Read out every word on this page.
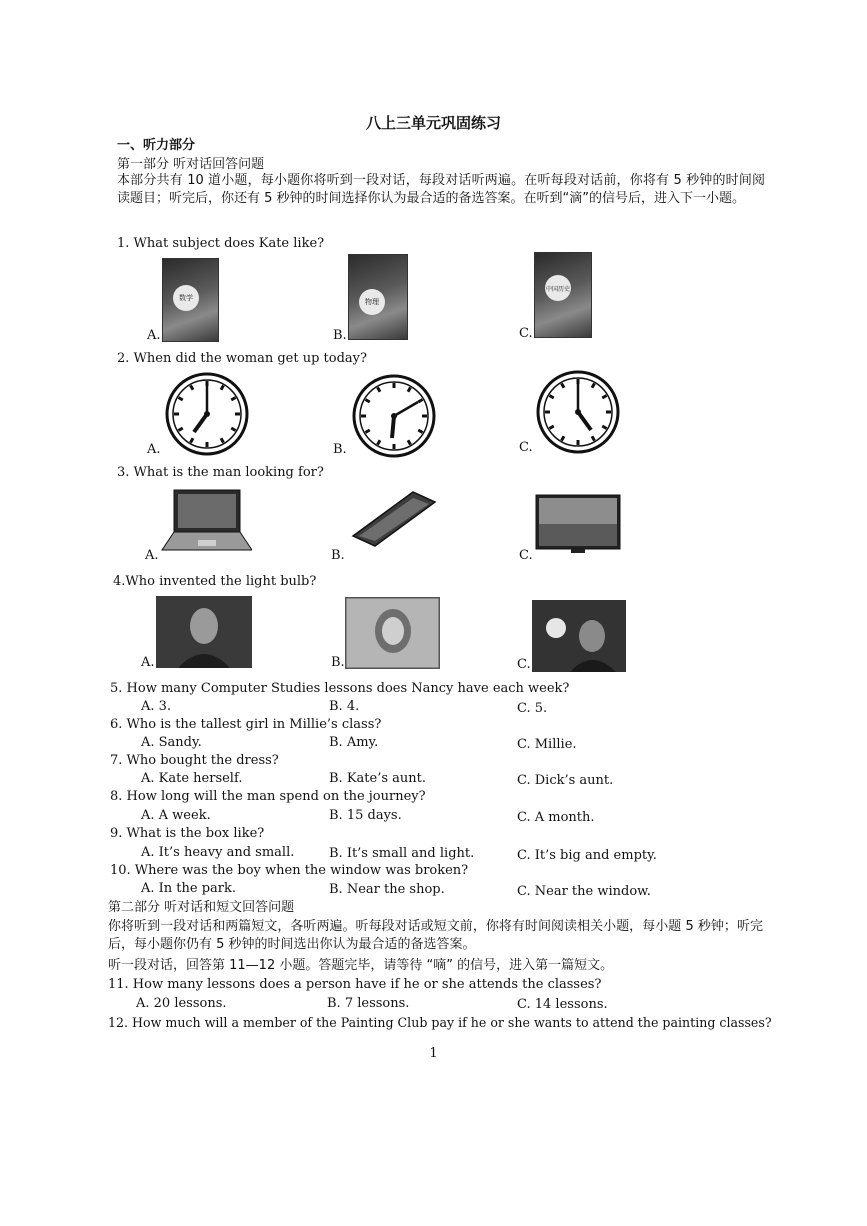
八上三单元巩固练习
一、听力部分
第一部分 听对话回答问题
本部分共有 10 道小题，每小题你将听到一段对话，每段对话听两遍。在听每段对话前，你将有 5 秒钟的时间阅读题目；听完后，你还有 5 秒钟的时间选择你认为最合适的备选答案。在听到“滴”的信号后，进入下一小题。
1. What subject does Kate like?
A.
数学
B.
物理
C.
中国历史
2. When did the woman get up today?
A.	B.	C.
3. What is the man looking for?
A.	B.	C.
4.Who invented the light bulb?
A.	B.	C.
5. How many Computer Studies lessons does Nancy have each week?
A. 3.	B. 4.	C. 5.
6. Who is the tallest girl in Millie’s class?
A. Sandy.	B. Amy.	C. Millie.
7. Who bought the dress?
A. Kate herself.	B. Kate’s aunt.	C. Dick’s aunt.
8. How long will the man spend on the journey?
A. A week.	B. 15 days.	C. A month.
9. What is the box like?
A. It’s heavy and small.	B. It’s small and light.	C. It’s big and empty.
10. Where was the boy when the window was broken?
A. In the park.	B. Near the shop.	C. Near the window.
第二部分 听对话和短文回答问题
你将听到一段对话和两篇短文，各听两遍。听每段对话或短文前，你将有时间阅读相关小题，每小题 5 秒钟；听完后，每小题你仍有 5 秒钟的时间选出你认为最合适的备选答案。
听一段对话，回答第 11—12 小题。答题完毕，请等待 “嘀” 的信号，进入第一篇短文。
11. How many lessons does a person have if he or she attends the classes?
A. 20 lessons.	B. 7 lessons.	C. 14 lessons.
12. How much will a member of the Painting Club pay if he or she wants to attend the painting classes?
1
